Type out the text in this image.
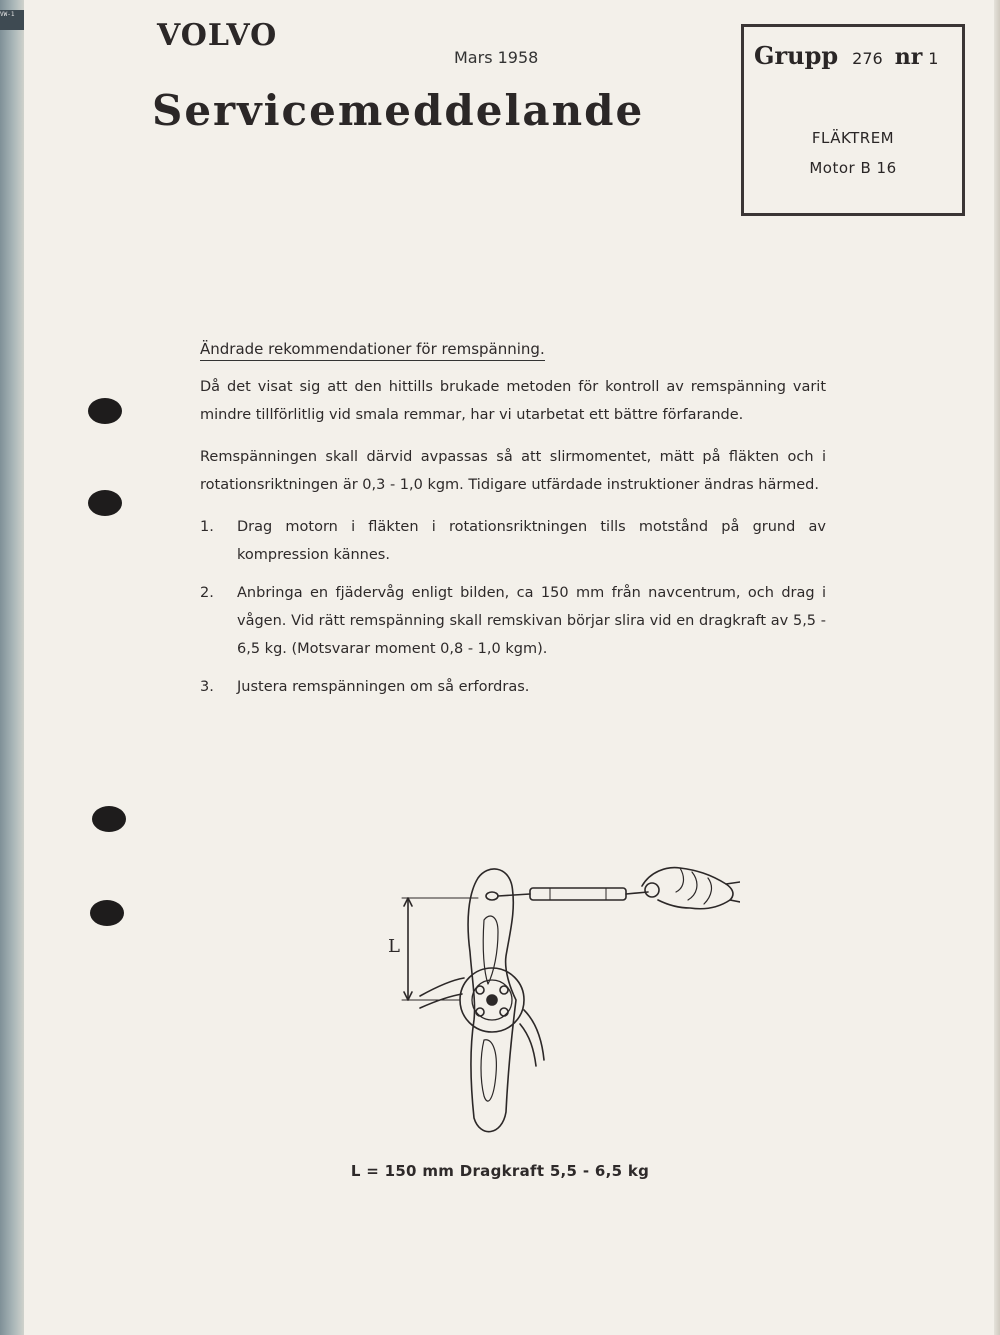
VW-1
VOLVO
Mars 1958
Servicemeddelande
Grupp 276 nr 1
FLÄKTREM
Motor B 16
Ändrade rekommendationer för remspänning.

Då det visat sig att den hittills brukade metoden för kontroll av remspänning varit mindre tillförlitlig vid smala remmar, har vi utarbetat ett bättre förfarande.

Remspänningen skall därvid avpassas så att slirmomentet, mätt på fläkten och i rotationsriktningen är 0,3 - 1,0 kgm. Tidigare utfärdade instruktioner ändras härmed.

1. Drag motorn i fläkten i rotationsriktningen tills motstånd på grund av kompression kännes.
2. Anbringa en fjädervåg enligt bilden, ca 150 mm från navcentrum, och drag i vågen. Vid rätt remspänning skall remskivan börjar slira vid en dragkraft av 5,5 - 6,5 kg. (Motsvarar moment 0,8 - 1,0 kgm).
3. Justera remspänningen om så erfordras.
L
L = 150 mm Dragkraft 5,5 - 6,5 kg
